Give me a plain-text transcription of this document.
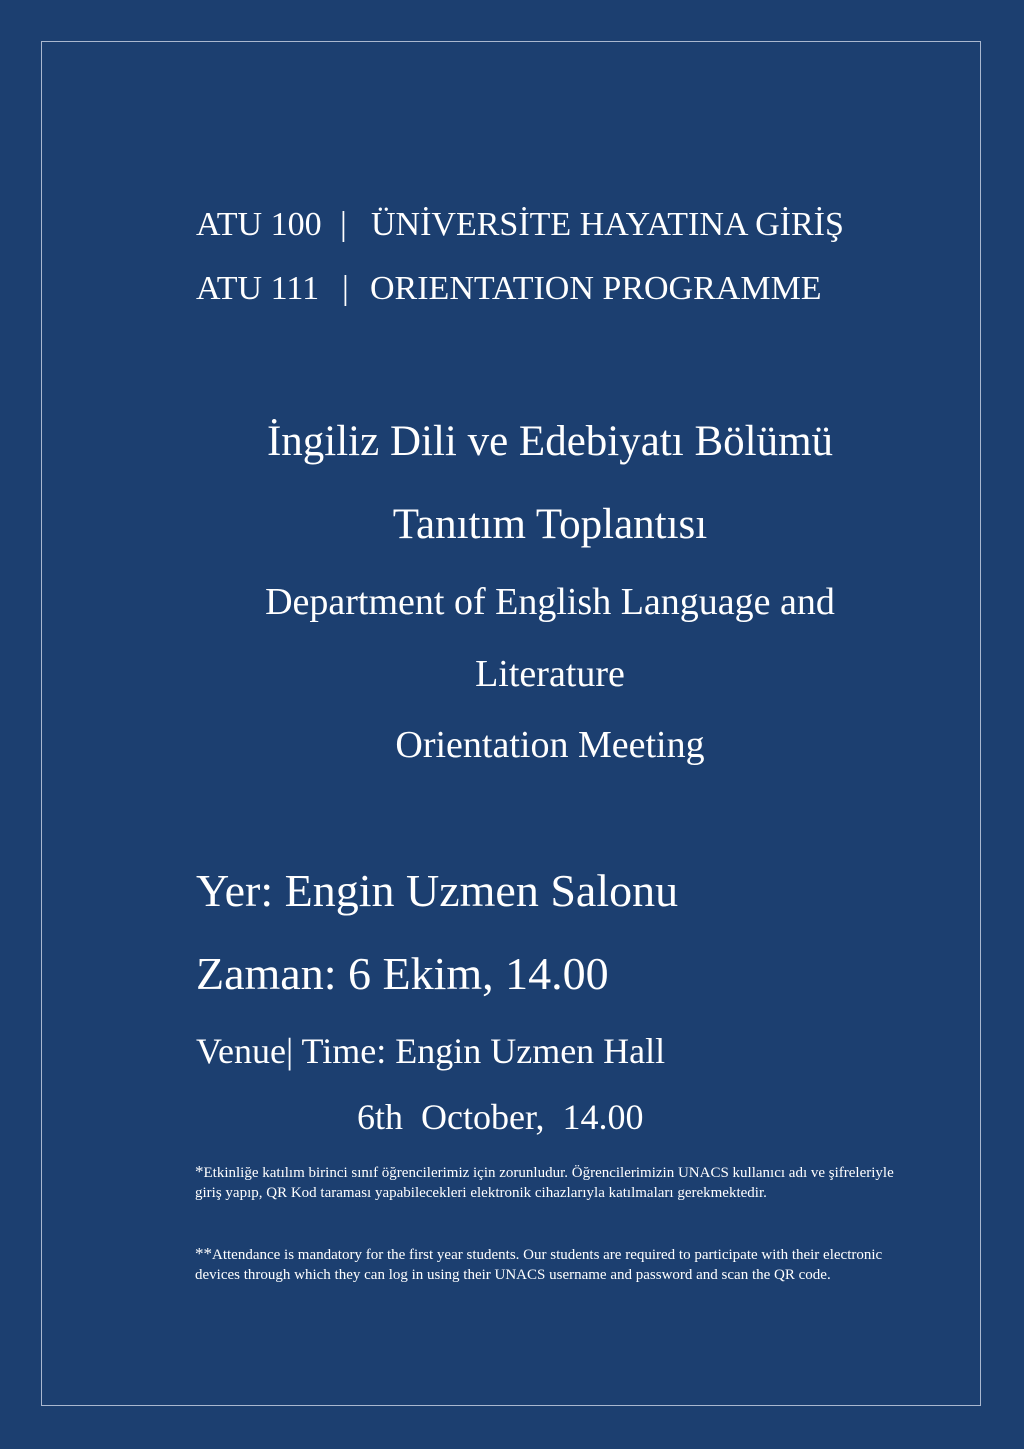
ATU 100 | ÜNİVERSİTE HAYATINA GİRİŞ
ATU 111 | ORIENTATION PROGRAMME
İngiliz Dili ve Edebiyatı Bölümü
Tanıtım Toplantısı
Department of English Language and
Literature
Orientation Meeting
Yer: Engin Uzmen Salonu
Zaman: 6 Ekim, 14.00
Venue| Time: Engin Uzmen Hall
6th  October,  14.00
*Etkinliğe katılım birinci sınıf öğrencilerimiz için zorunludur. Öğrencilerimizin UNACS kullanıcı adı ve şifreleriyle giriş yapıp, QR Kod taraması yapabilecekleri elektronik cihazlarıyla katılmaları gerekmektedir.
**Attendance is mandatory for the first year students. Our students are required to participate with their electronic devices through which they can log in using their UNACS username and password and scan the QR code.
